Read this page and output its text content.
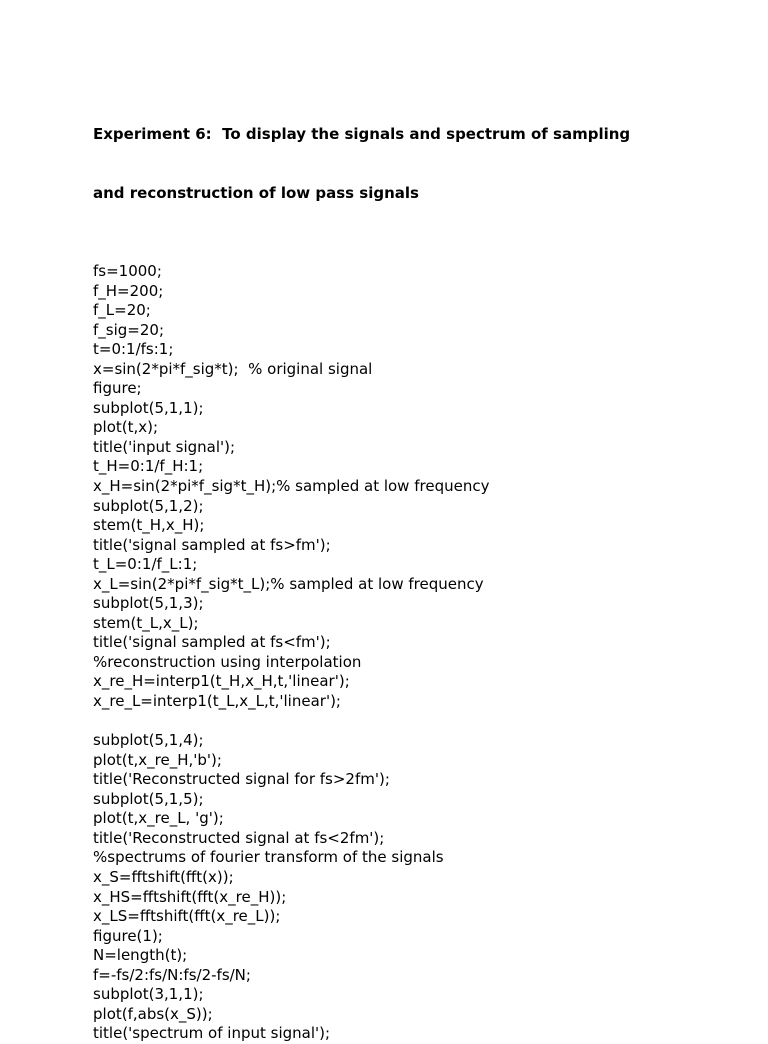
Experiment 6:  To display the signals and spectrum of sampling

and reconstruction of low pass signals

fs=1000;
f_H=200;
f_L=20;
f_sig=20;
t=0:1/fs:1;
x=sin(2*pi*f_sig*t);  % original signal
figure;
subplot(5,1,1);
plot(t,x);
title('input signal');
t_H=0:1/f_H:1;
x_H=sin(2*pi*f_sig*t_H);% sampled at low frequency
subplot(5,1,2);
stem(t_H,x_H);
title('signal sampled at fs>fm');
t_L=0:1/f_L:1;
x_L=sin(2*pi*f_sig*t_L);% sampled at low frequency
subplot(5,1,3);
stem(t_L,x_L);
title('signal sampled at fs<fm');
%reconstruction using interpolation
x_re_H=interp1(t_H,x_H,t,'linear');
x_re_L=interp1(t_L,x_L,t,'linear');
subplot(5,1,4);
plot(t,x_re_H,'b');
title('Reconstructed signal for fs>2fm');
subplot(5,1,5);
plot(t,x_re_L, 'g');
title('Reconstructed signal at fs<2fm');
%spectrums of fourier transform of the signals
x_S=fftshift(fft(x));
x_HS=fftshift(fft(x_re_H));
x_LS=fftshift(fft(x_re_L));
figure(1);
N=length(t);
f=-fs/2:fs/N:fs/2-fs/N;
subplot(3,1,1);
plot(f,abs(x_S));
title('spectrum of input signal');
